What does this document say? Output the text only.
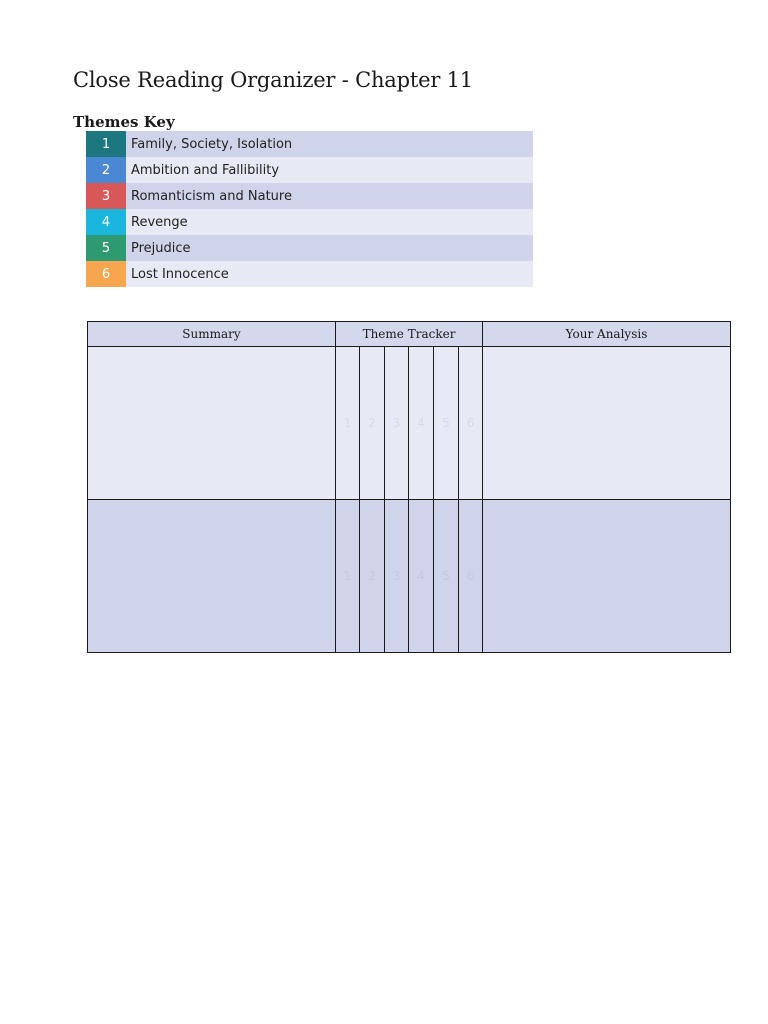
Close Reading Organizer - Chapter 11
Themes Key
1	Family, Society, Isolation
2	Ambition and Fallibility
3	Romanticism and Nature
4	Revenge
5	Prejudice
6	Lost Innocence
Summary	Theme Tracker						Your Analysis
	1	2	3	4	5	6	
	1	2	3	4	5	6	
